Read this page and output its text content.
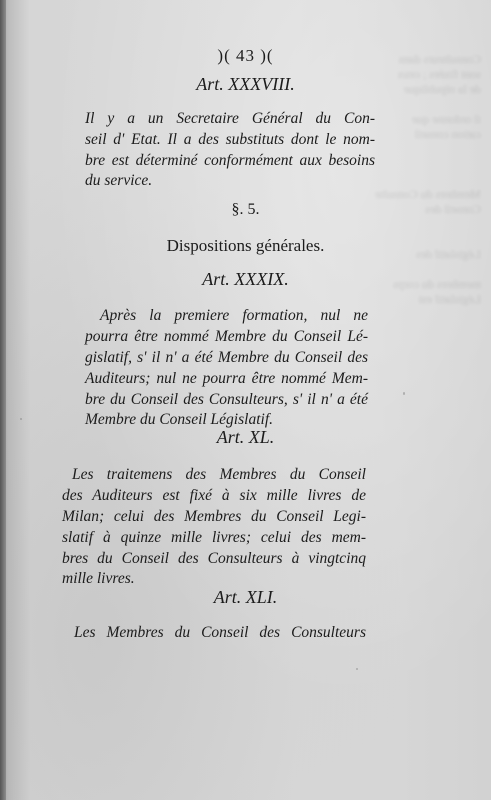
Consulteurs dans
sont fixées ; ceux
de la république

il ordonne que
cation conseil

Membres du Consulte
Conseil des

Législatif des

membres du corps
Législatif est
)( 43 )(
Art. XXXVIII.
Il y a un Secretaire Général du Con-
seil d' Etat. Il a des substituts dont le nom-
bre est déterminé conformément aux besoins
du service.
§. 5.
Dispositions générales.
Art. XXXIX.
Après la premiere formation, nul ne
pourra être nommé Membre du Conseil Lé-
gislatif, s' il n' a été Membre du Conseil des
Auditeurs; nul ne pourra être nommé Mem-
bre du Conseil des Consulteurs, s' il n' a été
Membre du Conseil Législatif.
Art. XL.
Les traitemens des Membres du Conseil
des Auditeurs est fixé à six mille livres de
Milan; celui des Membres du Conseil Legi-
slatif à quinze mille livres; celui des mem-
bres du Conseil des Consulteurs à vingtcinq
mille livres.
Art. XLI.
Les Membres du Conseil des Consulteurs
